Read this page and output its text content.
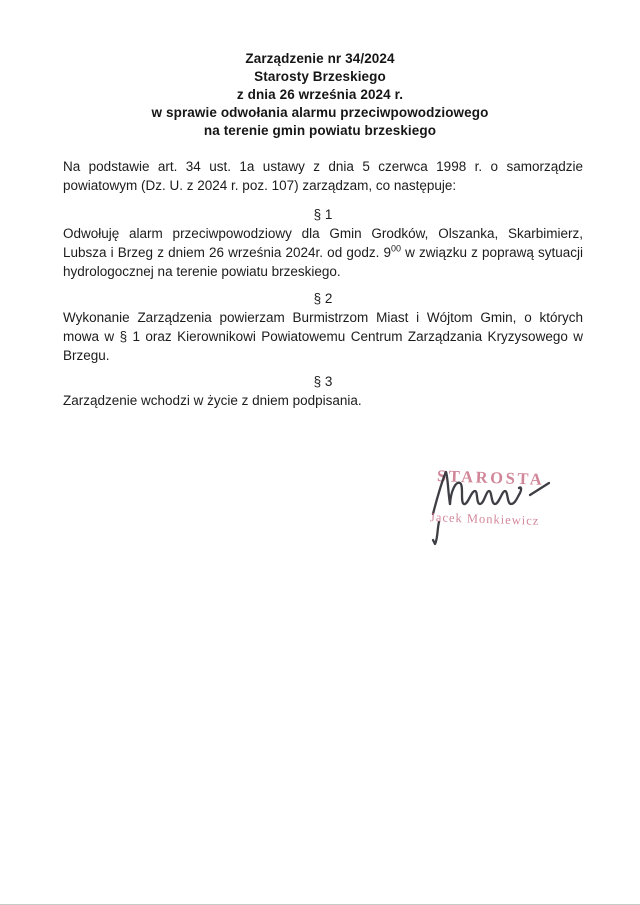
Zarządzenie nr 34/2024
Starosty Brzeskiego
z dnia 26 września 2024 r.
w sprawie odwołania alarmu przeciwpowodziowego
na terenie gmin powiatu brzeskiego

Na podstawie art. 34 ust. 1a ustawy z dnia 5 czerwca 1998 r. o samorządzie powiatowym (Dz. U. z 2024 r. poz. 107) zarządzam, co następuje:

§ 1

Odwołuję alarm przeciwpowodziowy dla Gmin Grodków, Olszanka, Skarbimierz, Lubsza i Brzeg z dniem 26 września 2024r. od godz. $9^{00}$ w związku z poprawą sytuacji hydrologocznej na terenie powiatu brzeskiego.

§ 2

Wykonanie Zarządzenia powierzam Burmistrzom Miast i Wójtom Gmin, o których mowa w § 1 oraz Kierownikowi Powiatowemu Centrum Zarządzania Kryzysowego w Brzegu.

§ 3

Zarządzenie wchodzi w życie z dniem podpisania.

STAROSTA
Jacek Monkiewicz
